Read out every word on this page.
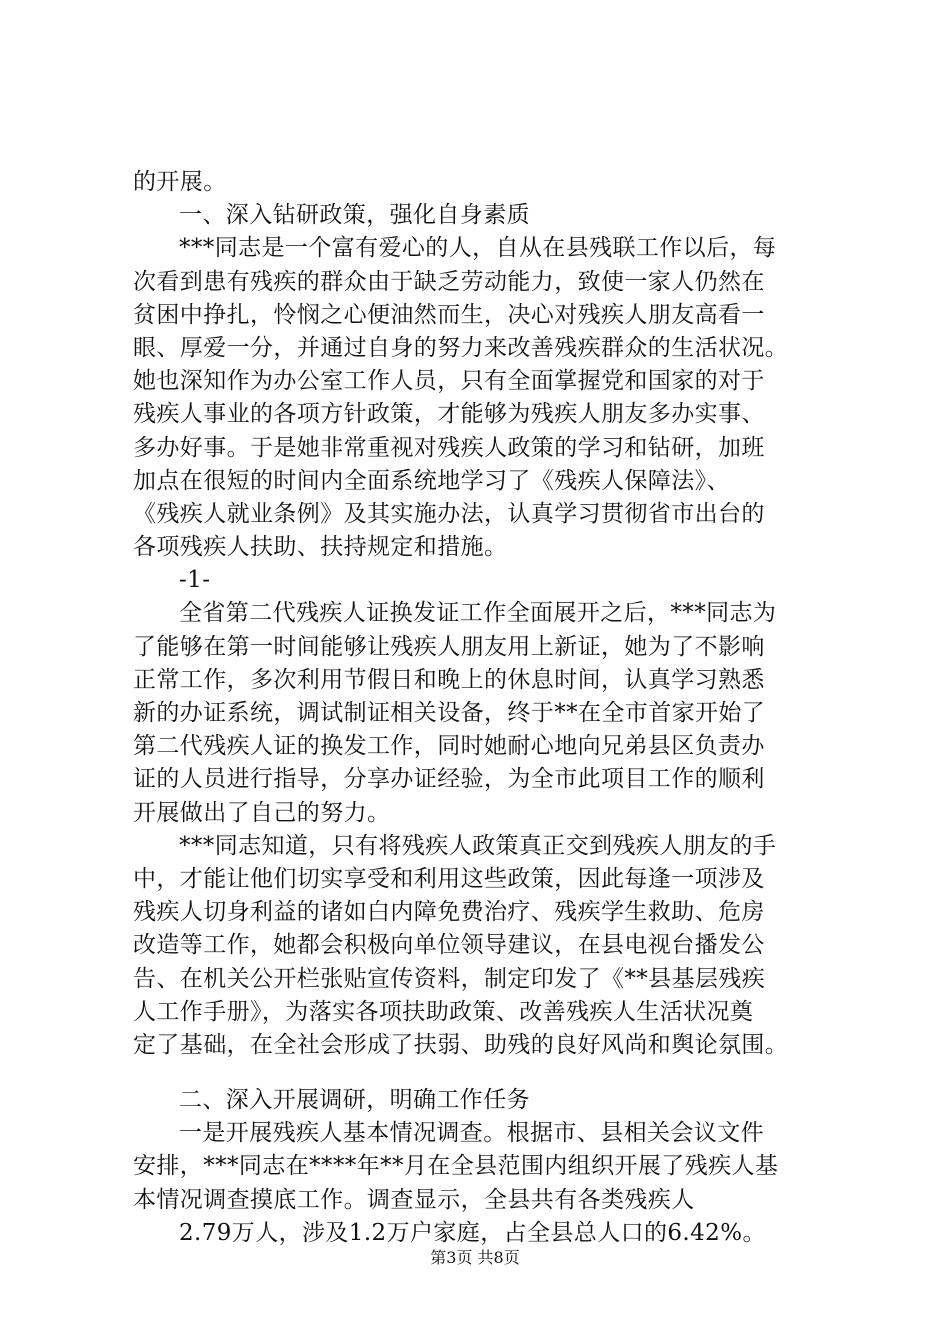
的开展。
一、深入钻研政策，强化自身素质
***同志是一个富有爱心的人，自从在县残联工作以后，每
次看到患有残疾的群众由于缺乏劳动能力，致使一家人仍然在
贫困中挣扎，怜悯之心便油然而生，决心对残疾人朋友高看一
眼、厚爱一分，并通过自身的努力来改善残疾群众的生活状况。
她也深知作为办公室工作人员，只有全面掌握党和国家的对于
残疾人事业的各项方针政策，才能够为残疾人朋友多办实事、
多办好事。于是她非常重视对残疾人政策的学习和钻研，加班
加点在很短的时间内全面系统地学习了《残疾人保障法》、
《残疾人就业条例》及其实施办法，认真学习贯彻省市出台的
各项残疾人扶助、扶持规定和措施。
-1-
全省第二代残疾人证换发证工作全面展开之后，***同志为
了能够在第一时间能够让残疾人朋友用上新证，她为了不影响
正常工作，多次利用节假日和晚上的休息时间，认真学习熟悉
新的办证系统，调试制证相关设备，终于**在全市首家开始了
第二代残疾人证的换发工作，同时她耐心地向兄弟县区负责办
证的人员进行指导，分享办证经验，为全市此项目工作的顺利
开展做出了自己的努力。
***同志知道，只有将残疾人政策真正交到残疾人朋友的手
中，才能让他们切实享受和利用这些政策，因此每逢一项涉及
残疾人切身利益的诸如白内障免费治疗、残疾学生救助、危房
改造等工作，她都会积极向单位领导建议，在县电视台播发公
告、在机关公开栏张贴宣传资料，制定印发了《**县基层残疾
人工作手册》，为落实各项扶助政策、改善残疾人生活状况奠
定了基础，在全社会形成了扶弱、助残的良好风尚和舆论氛围。
二、深入开展调研，明确工作任务
一是开展残疾人基本情况调查。根据市、县相关会议文件
安排，***同志在****年**月在全县范围内组织开展了残疾人基
本情况调查摸底工作。调查显示，全县共有各类残疾人
2.79万人，涉及1.2万户家庭，占全县总人口的6.42%。
第3页 共8页
